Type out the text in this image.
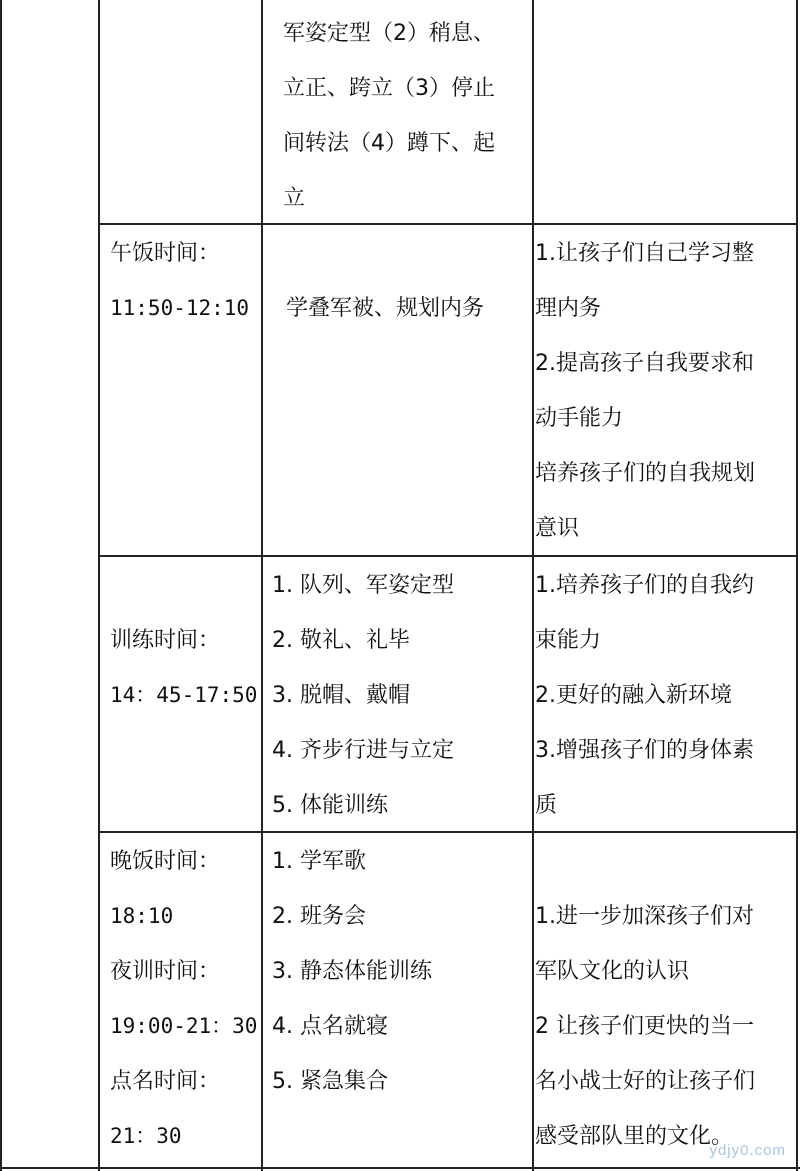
军姿定型（2）稍息、

立正、跨立（3）停止

间转法（4）蹲下、起

立

午饭时间：

11:50-12:10	学叠军被、规划内务

1.让孩子们自己学习整

理内务

2.提高孩子自我要求和

动手能力

培养孩子们的自我规划

意识

训练时间：

14：45-17:50

1. 队列、军姿定型

2. 敬礼、礼毕

3. 脱帽、戴帽

4. 齐步行进与立定

5. 体能训练

1.培养孩子们的自我约

束能力

2.更好的融入新环境

3.增强孩子们的身体素

质

晚饭时间：

18:10

夜训时间：

19:00-21：30

点名时间：

21：30

1. 学军歌

2. 班务会

3. 静态体能训练

4. 点名就寝

5. 紧急集合

1.进一步加深孩子们对

军队文化的认识

2 让孩子们更快的当一

名小战士好的让孩子们

感受部队里的文化。

ydjy0.com
